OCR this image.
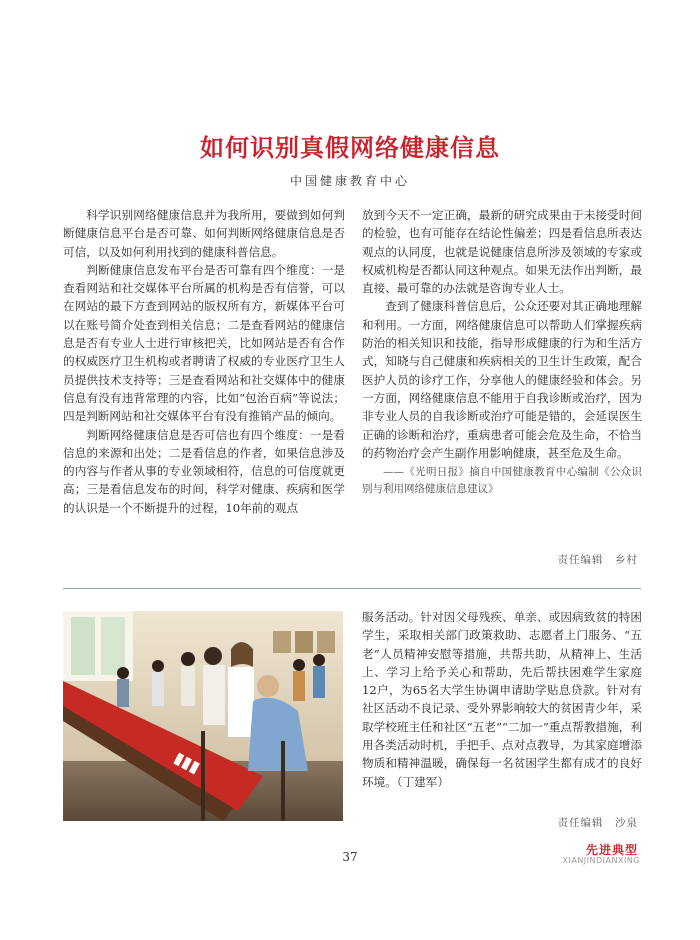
如何识别真假网络健康信息
中国健康教育中心

科学识别网络健康信息并为我所用，要做到如何判断健康信息平台是否可靠、如何判断网络健康信息是否可信，以及如何利用找到的健康科普信息。

判断健康信息发布平台是否可靠有四个维度：一是查看网站和社交媒体平台所属的机构是否有信誉，可以在网站的最下方查到网站的版权所有方，新媒体平台可以在账号简介处查到相关信息；二是查看网站的健康信息是否有专业人士进行审核把关，比如网站是否有合作的权威医疗卫生机构或者聘请了权威的专业医疗卫生人员提供技术支持等；三是查看网站和社交媒体中的健康信息有没有违背常理的内容，比如“包治百病”等说法；四是判断网站和社交媒体平台有没有推销产品的倾向。

判断网络健康信息是否可信也有四个维度：一是看信息的来源和出处；二是看信息的作者，如果信息涉及的内容与作者从事的专业领域相符，信息的可信度就更高；三是看信息发布的时间，科学对健康、疾病和医学的认识是一个不断提升的过程，10年前的观点

放到今天不一定正确，最新的研究成果由于未接受时间的检验，也有可能存在结论性偏差；四是看信息所表达观点的认同度，也就是说健康信息所涉及领域的专家或权威机构是否都认同这种观点。如果无法作出判断，最直接、最可靠的办法就是咨询专业人士。

查到了健康科普信息后，公众还要对其正确地理解和利用。一方面，网络健康信息可以帮助人们掌握疾病防治的相关知识和技能，指导形成健康的行为和生活方式，知晓与自己健康和疾病相关的卫生计生政策，配合医护人员的诊疗工作，分享他人的健康经验和体会。另一方面，网络健康信息不能用于自我诊断或治疗，因为非专业人员的自我诊断或治疗可能是错的，会延误医生正确的诊断和治疗，重病患者可能会危及生命，不恰当的药物治疗会产生副作用影响健康，甚至危及生命。

——《光明日报》摘自中国健康教育中心编制《公众识别与利用网络健康信息建议》

责任编辑　乡村
▮▮▮

服务活动。针对因父母残疾、单亲、或因病致贫的特困学生，采取相关部门政策救助、志愿者上门服务、“五老”人员精神安慰等措施，共帮共助，从精神上、生活上、学习上给予关心和帮助，先后帮扶困难学生家庭12户，为65名大学生协调申请助学贴息贷款。针对有社区活动不良记录、受外界影响较大的贫困青少年，采取学校班主任和社区“五老”“二加一”重点帮教措施，利用各类活动时机，手把手、点对点教导，为其家庭增添物质和精神温暖，确保每一名贫困学生都有成才的良好环境。（丁建军）

责任编辑　沙泉
37	先进典型
XIANJINDIANXING
